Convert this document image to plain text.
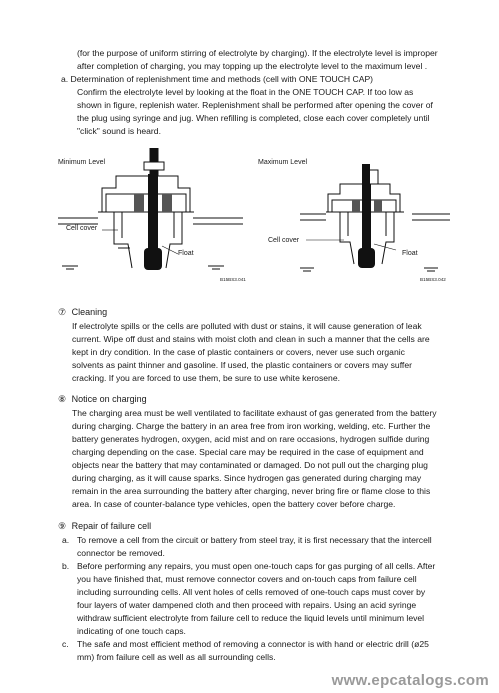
(for the purpose of uniform stirring of electrolyte by charging). If the electrolyte level is improper
after completion of charging, you may topping up the electrolyte level to the maximum level .
a. Determination of replenishment time and methods (cell with ONE TOUCH CAP)
Confirm the electrolyte level by looking at the float in the ONE TOUCH CAP. If too low as
shown in figure, replenish water. Replenishment shall be performed after opening the cover of
the plug using syringe and jug. When refilling is completed, close each cover completely until
"click" sound is heard.
Minimum Level
Cell cover
Float
B15BS3.041
Maximum Level
Cell cover
Float
B15BS3.042
⑦ Cleaning
If electrolyte spills or the cells are polluted with dust or stains, it will cause generation of leak
current. Wipe off dust and stains with moist cloth and clean in such a manner that the cells are
kept in dry condition. In the case of plastic containers or covers, never use such organic
solvents as paint thinner and gasoline. If used, the plastic containers or covers may suffer
cracking. If you are forced to use them, be sure to use white kerosene.
⑧ Notice on charging
The charging area must be well ventilated to facilitate exhaust of gas generated from the battery
during charging. Charge the battery in an area free from iron working, welding, etc. Further the
battery generates hydrogen, oxygen, acid mist and on rare occasions, hydrogen sulfide during
charging depending on the case. Special care may be required in the case of equipment and
objects near the battery that may contaminated or damaged. Do not pull out the charging plug
during charging, as it will cause sparks. Since hydrogen gas generated during charging may
remain in the area surrounding the battery after charging, never bring fire or flame close to this
area. In case of counter-balance type vehicles, open the battery cover before charge.
⑨ Repair of failure cell
a. To remove a cell from the circuit or battery from steel tray, it is first necessary that the intercell
connector be removed.
b. Before performing any repairs, you must open one-touch caps for gas purging of all cells. After
you have finished that, must remove connector covers and on-touch caps from failure cell
including surrounding cells. All vent holes of cells removed of one-touch caps must cover by
four layers of water dampened cloth and then proceed with repairs. Using an acid syringe
withdraw sufficient electrolyte from failure cell to reduce the liquid levels until minimum level
indicating of one touch caps.
c. The safe and most efficient method of removing a connector is with hand or electric drill (ø25
mm) from failure cell as well as all surrounding cells.
www.epcatalogs.com
